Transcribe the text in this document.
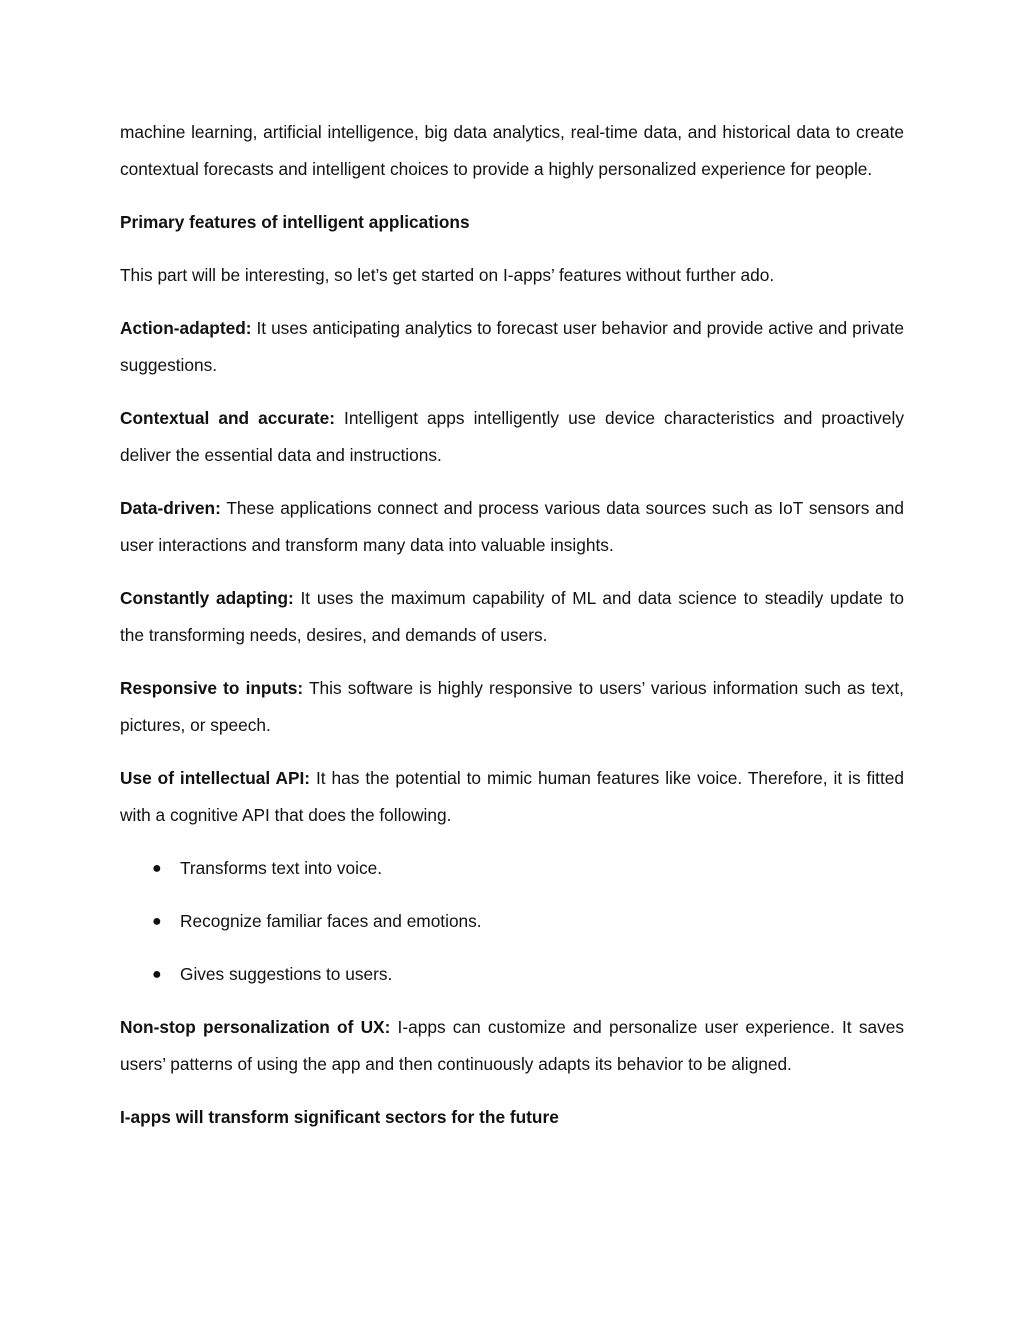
machine learning, artificial intelligence, big data analytics, real-time data, and historical data to create contextual forecasts and intelligent choices to provide a highly personalized experience for people.

Primary features of intelligent applications

This part will be interesting, so let’s get started on I-apps’ features without further ado.

Action-adapted: It uses anticipating analytics to forecast user behavior and provide active and private suggestions.

Contextual and accurate: Intelligent apps intelligently use device characteristics and proactively deliver the essential data and instructions.

Data-driven: These applications connect and process various data sources such as IoT sensors and user interactions and transform many data into valuable insights.

Constantly adapting: It uses the maximum capability of ML and data science to steadily update to the transforming needs, desires, and demands of users.

Responsive to inputs: This software is highly responsive to users’ various information such as text, pictures, or speech.

Use of intellectual API: It has the potential to mimic human features like voice. Therefore, it is fitted with a cognitive API that does the following.

● Transforms text into voice.
● Recognize familiar faces and emotions.
● Gives suggestions to users.

Non-stop personalization of UX: I-apps can customize and personalize user experience. It saves users’ patterns of using the app and then continuously adapts its behavior to be aligned.

I-apps will transform significant sectors for the future
